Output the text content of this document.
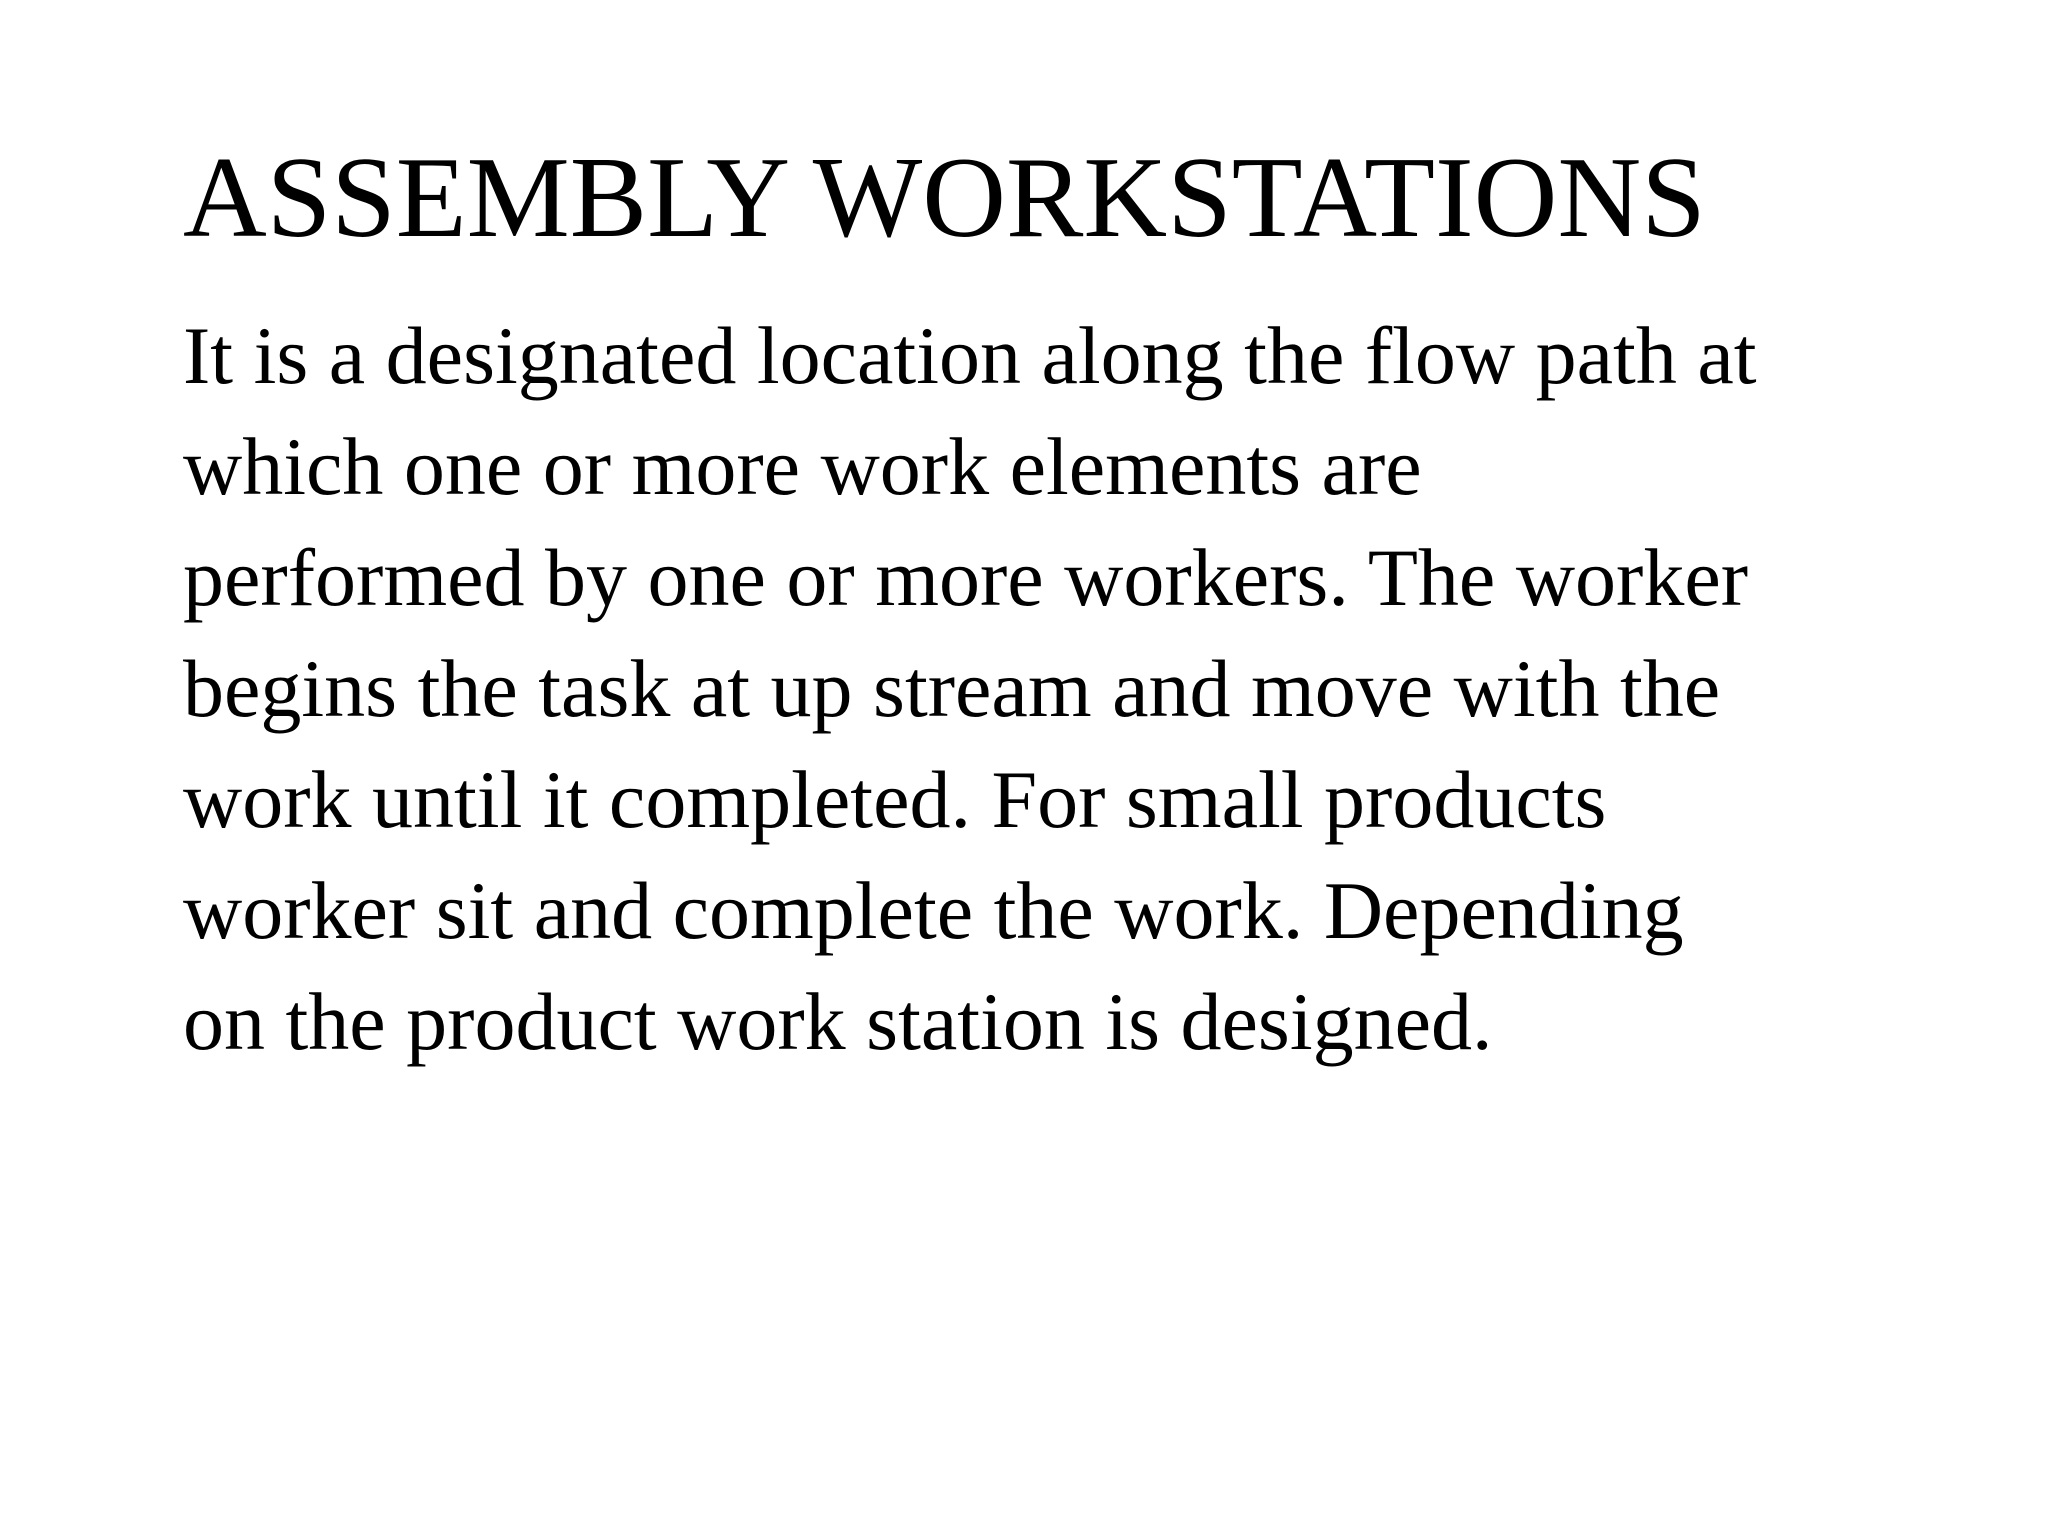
ASSEMBLY WORKSTATIONS

It is a designated location along the flow path at
which one or more work elements are
performed by one or more workers. The worker
begins the task at up stream and move with the
work until it completed. For small products
worker sit and complete the work. Depending
on the product work station is designed.
